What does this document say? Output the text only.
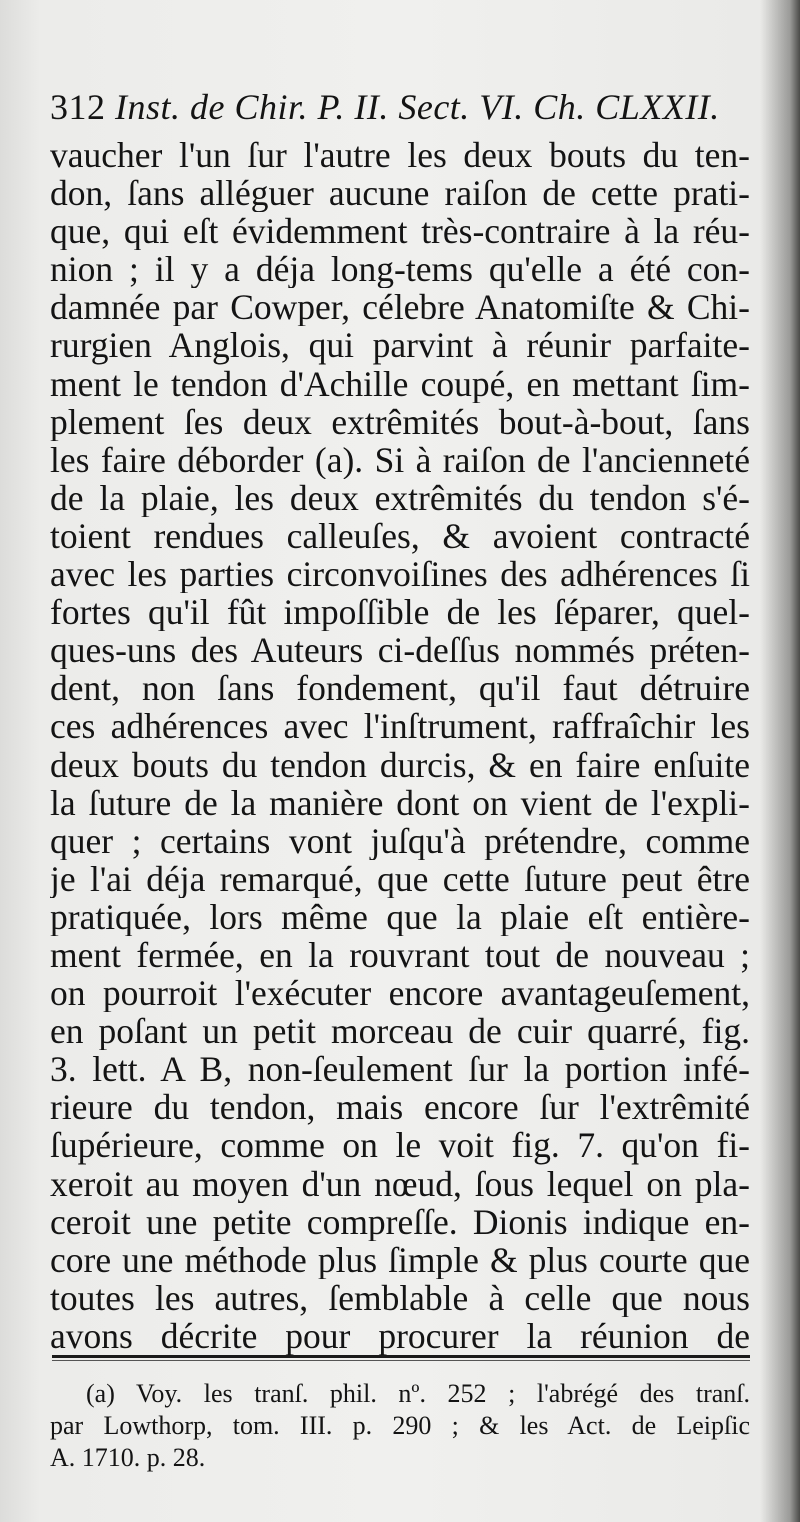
312 Inst. de Chir. P. II. Sect. VI. Ch. CLXXII.
vaucher l'un ſur l'autre les deux bouts du ten-
don, ſans alléguer aucune raiſon de cette prati-
que, qui eſt évidemment très-contraire à la réu-
nion ; il y a déja long-tems qu'elle a été con-
damnée par Cowper, célebre Anatomiſte & Chi-
rurgien Anglois, qui parvint à réunir parfaite-
ment le tendon d'Achille coupé, en mettant ſim-
plement ſes deux extrêmités bout-à-bout, ſans
les faire déborder (a). Si à raiſon de l'ancienneté
de la plaie, les deux extrêmités du tendon s'é-
toient rendues calleuſes, & avoient contracté
avec les parties circonvoiſines des adhérences ſi
fortes qu'il fût impoſſible de les ſéparer, quel-
ques-uns des Auteurs ci-deſſus nommés préten-
dent, non ſans fondement, qu'il faut détruire
ces adhérences avec l'inſtrument, raffraîchir les
deux bouts du tendon durcis, & en faire enſuite
la ſuture de la manière dont on vient de l'expli-
quer ; certains vont juſqu'à prétendre, comme
je l'ai déja remarqué, que cette ſuture peut être
pratiquée, lors même que la plaie eſt entière-
ment fermée, en la rouvrant tout de nouveau ;
on pourroit l'exécuter encore avantageuſement,
en poſant un petit morceau de cuir quarré, fig.
3. lett. A B, non-ſeulement ſur la portion infé-
rieure du tendon, mais encore ſur l'extrêmité
ſupérieure, comme on le voit fig. 7. qu'on fi-
xeroit au moyen d'un nœud, ſous lequel on pla-
ceroit une petite compreſſe. Dionis indique en-
core une méthode plus ſimple & plus courte que
toutes les autres, ſemblable à celle que nous
avons décrite pour procurer la réunion de
(a) Voy. les tranſ. phil. nº. 252 ; l'abrégé des tranſ.
par Lowthorp, tom. III. p. 290 ; & les Act. de Leipſic
A. 1710. p. 28.
